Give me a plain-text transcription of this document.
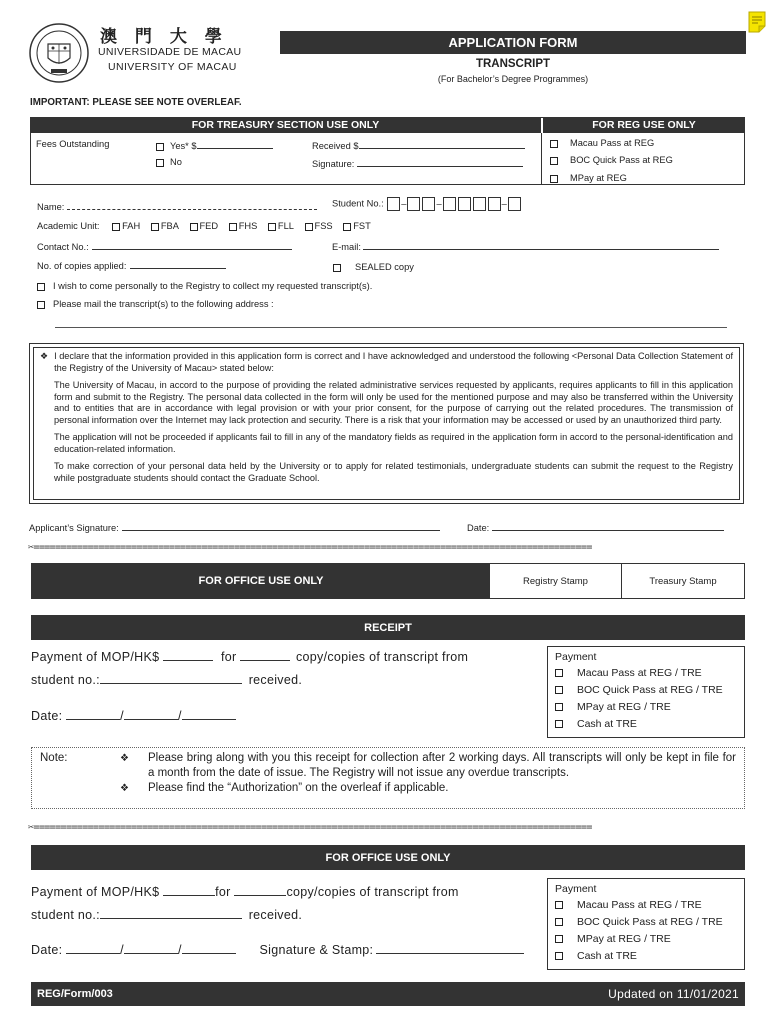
澳 門 大 學
UNIVERSIDADE DE MACAU
UNIVERSITY OF MACAU
APPLICATION FORM
TRANSCRIPT
(For Bachelor’s Degree Programmes)
IMPORTANT: PLEASE SEE NOTE OVERLEAF.
FOR TREASURY SECTION USE ONLY	FOR REG USE ONLY
Fees Outstanding	Yes* $
No
Received $
Signature:
Macau Pass at REG
BOC Quick Pass at REG
MPay at REG
Name:	Student No.: –	–	–
Academic Unit: FAH FBA FED FHS FLL FSS FST
Contact No.:	E-mail:
No. of copies applied:	SEALED copy
I wish to come personally to the Registry to collect my requested transcript(s).
Please mail the transcript(s) to the following address :
❖ I declare that the information provided in this application form is correct and I have acknowledged and understood the following <Personal Data Collection Statement of the Registry of the University of Macau> stated below:

The University of Macau, in accord to the purpose of providing the related administrative services requested by applicants, requires applicants to fill in this application form and submit to the Registry. The personal data collected in the form will only be used for the mentioned purpose and may also be transferred within the University and to entities that are in accordance with legal provision or with your prior consent, for the purpose of carrying out the related procedures. The transmission of personal information over the Internet may lack protection and security. There is a risk that your information may be accessed or used by an unauthorized third party.

The application will not be proceeded if applicants fail to fill in any of the mandatory fields as required in the application form in accord to the personal-identification and education-related information.

To make correction of your personal data held by the University or to apply for related testimonials, undergraduate students can submit the request to the Registry while postgraduate students should contact the Graduate School.

Applicant’s Signature:	Date:
✂=======================================================================================================
FOR OFFICE USE ONLY	Registry Stamp	Treasury Stamp
RECEIPT
Payment of MOP/HK$	for	copy/copies of transcript from
student no.:	received.
Date:	/	/
Payment
Macau Pass at REG / TRE
BOC Quick Pass at REG / TRE
MPay at REG / TRE
Cash at TRE
Note:	❖	Please bring along with you this receipt for collection after 2 working days. All transcripts will only be kept in file for a month from the date of issue. The Registry will not issue any overdue transcripts.
❖	Please find the “Authorization” on the overleaf if applicable.
✂=======================================================================================================
FOR OFFICE USE ONLY
Payment of MOP/HK$	for	copy/copies of transcript from
student no.:	received.
Date:	/	/	Signature & Stamp:
Payment
Macau Pass at REG / TRE
BOC Quick Pass at REG / TRE
MPay at REG / TRE
Cash at TRE
REG/Form/003	Updated on 11/01/2021
